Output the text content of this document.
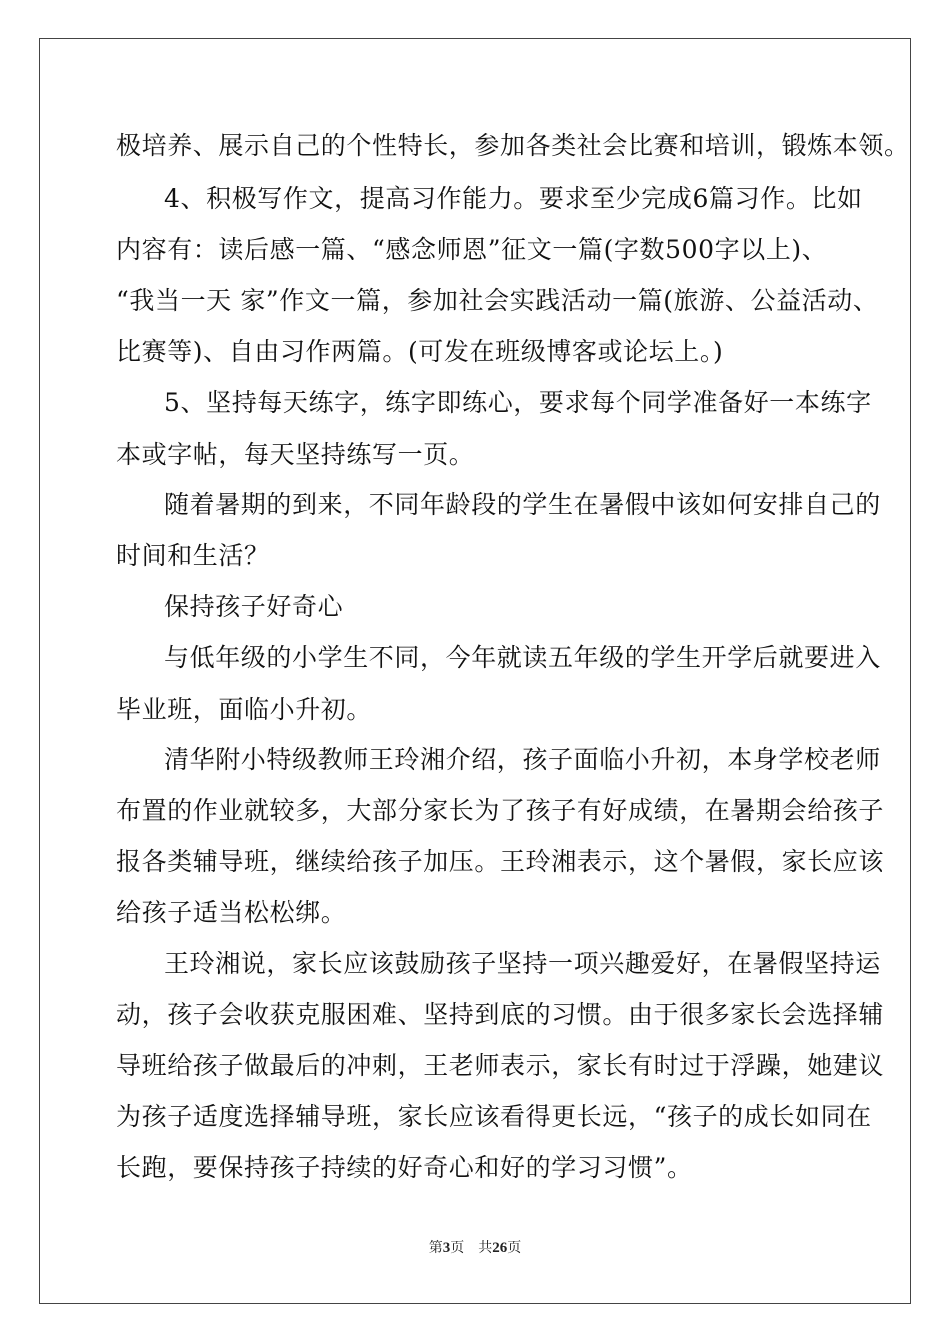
极培养、展示自己的个性特长，参加各类社会比赛和培训，锻炼本领。
4、积极写作文，提高习作能力。要求至少完成6篇习作。比如
内容有：读后感一篇、“感念师恩”征文一篇(字数500字以上)、
“我当一天 家”作文一篇，参加社会实践活动一篇(旅游、公益活动、
比赛等)、自由习作两篇。(可发在班级博客或论坛上。)
5、坚持每天练字，练字即练心，要求每个同学准备好一本练字
本或字帖，每天坚持练写一页。
随着暑期的到来，不同年龄段的学生在暑假中该如何安排自己的
时间和生活？
保持孩子好奇心
与低年级的小学生不同，今年就读五年级的学生开学后就要进入
毕业班，面临小升初。
清华附小特级教师王玲湘介绍，孩子面临小升初，本身学校老师
布置的作业就较多，大部分家长为了孩子有好成绩，在暑期会给孩子
报各类辅导班，继续给孩子加压。王玲湘表示，这个暑假，家长应该
给孩子适当松松绑。
王玲湘说，家长应该鼓励孩子坚持一项兴趣爱好，在暑假坚持运
动，孩子会收获克服困难、坚持到底的习惯。由于很多家长会选择辅
导班给孩子做最后的冲刺，王老师表示，家长有时过于浮躁，她建议
为孩子适度选择辅导班，家长应该看得更长远，“孩子的成长如同在
长跑，要保持孩子持续的好奇心和好的学习习惯”。
第3页 共26页
